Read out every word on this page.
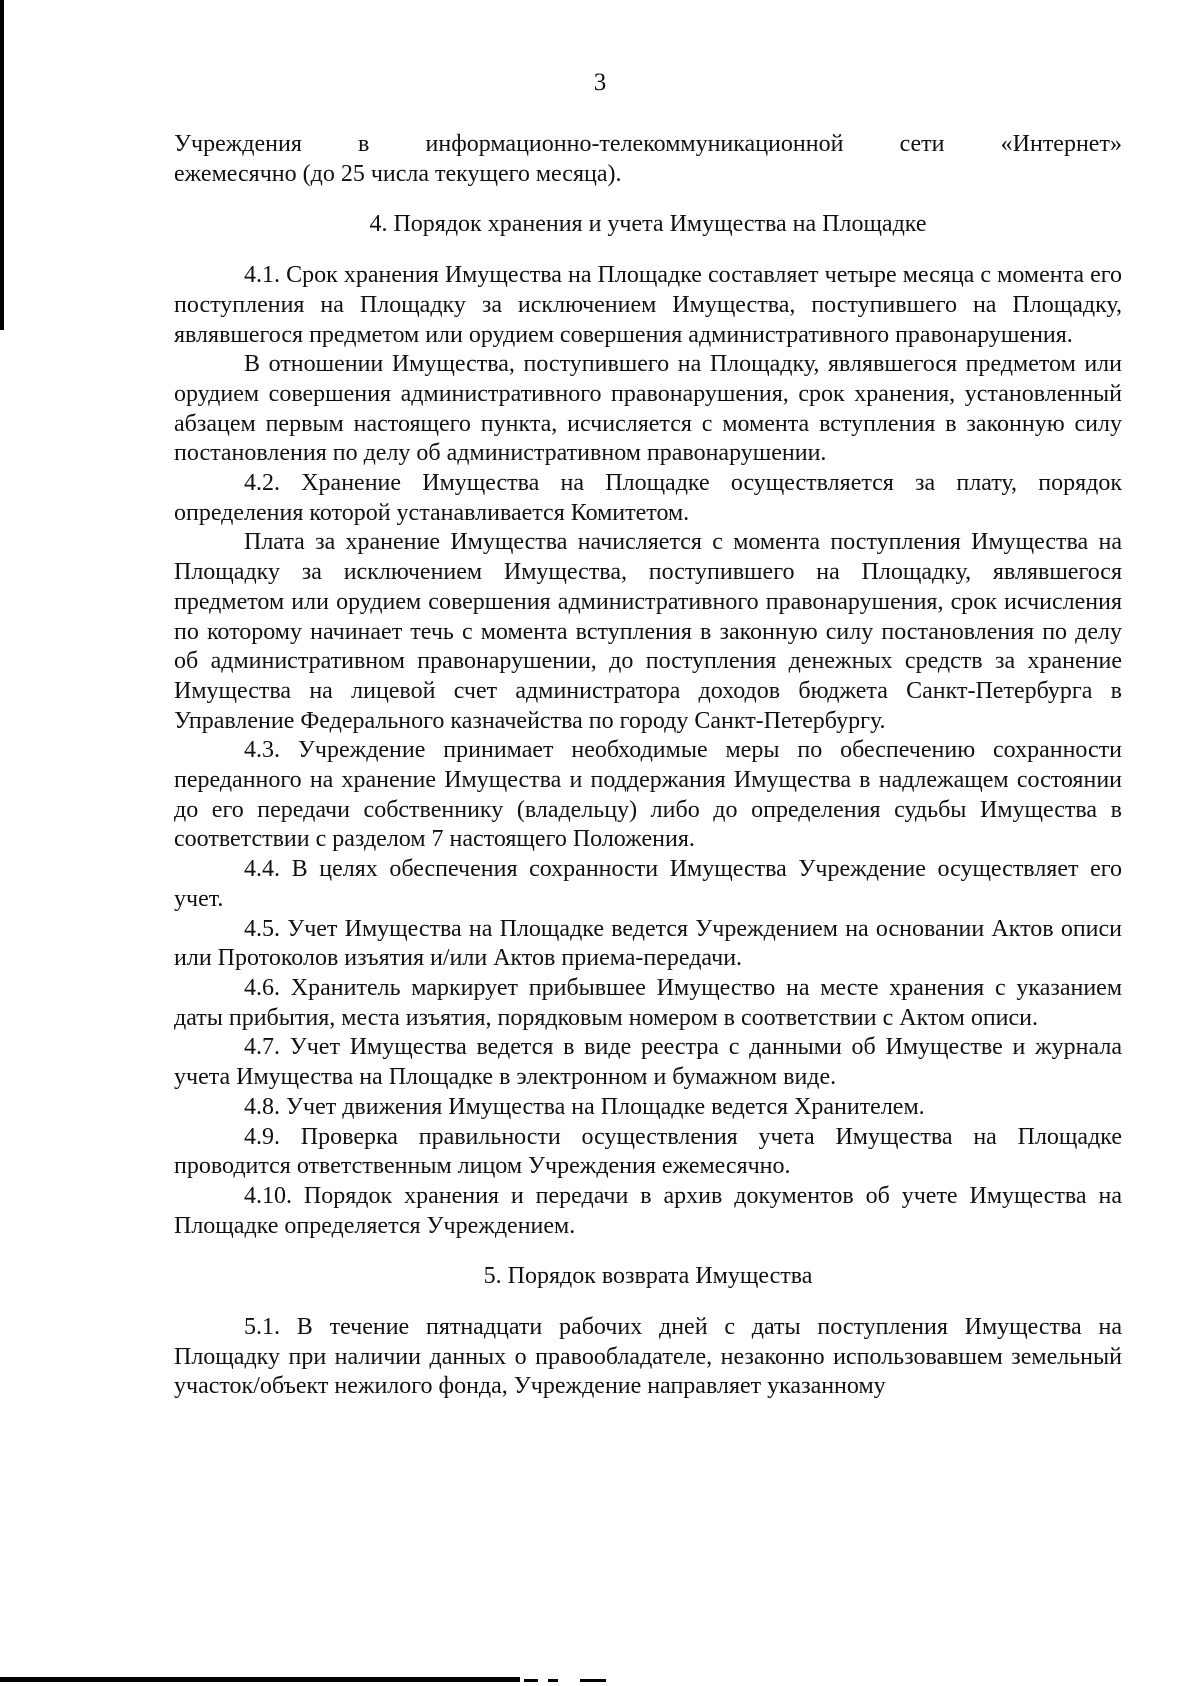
3
Учреждения в информационно-телекоммуникационной сети «Интернет»

ежемесячно (до 25 числа текущего месяца).

4. Порядок хранения и учета Имущества на Площадке

4.1. Срок хранения Имущества на Площадке составляет четыре месяца с момента его поступления на Площадку за исключением Имущества, поступившего на Площадку, являвшегося предметом или орудием совершения административного правонарушения.

В отношении Имущества, поступившего на Площадку, являвшегося предметом или орудием совершения административного правонарушения, срок хранения, установленный абзацем первым настоящего пункта, исчисляется с момента вступления в законную силу постановления по делу об административном правонарушении.

4.2. Хранение Имущества на Площадке осуществляется за плату, порядок определения которой устанавливается Комитетом.

Плата за хранение Имущества начисляется с момента поступления Имущества на Площадку за исключением Имущества, поступившего на Площадку, являвшегося предметом или орудием совершения административного правонарушения, срок исчисления по которому начинает течь с момента вступления в законную силу постановления по делу об административном правонарушении, до поступления денежных средств за хранение Имущества на лицевой счет администратора доходов бюджета Санкт-Петербурга в Управление Федерального казначейства по городу Санкт-Петербургу.

4.3. Учреждение принимает необходимые меры по обеспечению сохранности переданного на хранение Имущества и поддержания Имущества в надлежащем состоянии до его передачи собственнику (владельцу) либо до определения судьбы Имущества в соответствии с разделом 7 настоящего Положения.

4.4. В целях обеспечения сохранности Имущества Учреждение осуществляет его учет.

4.5. Учет Имущества на Площадке ведется Учреждением на основании Актов описи или Протоколов изъятия и/или Актов приема-передачи.

4.6. Хранитель маркирует прибывшее Имущество на месте хранения с указанием даты прибытия, места изъятия, порядковым номером в соответствии с Актом описи.

4.7. Учет Имущества ведется в виде реестра с данными об Имуществе и журнала учета Имущества на Площадке в электронном и бумажном виде.

4.8. Учет движения Имущества на Площадке ведется Хранителем.

4.9. Проверка правильности осуществления учета Имущества на Площадке проводится ответственным лицом Учреждения ежемесячно.

4.10. Порядок хранения и передачи в архив документов об учете Имущества на Площадке определяется Учреждением.

5. Порядок возврата Имущества

5.1. В течение пятнадцати рабочих дней с даты поступления Имущества на Площадку при наличии данных о правообладателе, незаконно использовавшем земельный участок/объект нежилого фонда, Учреждение направляет указанному
